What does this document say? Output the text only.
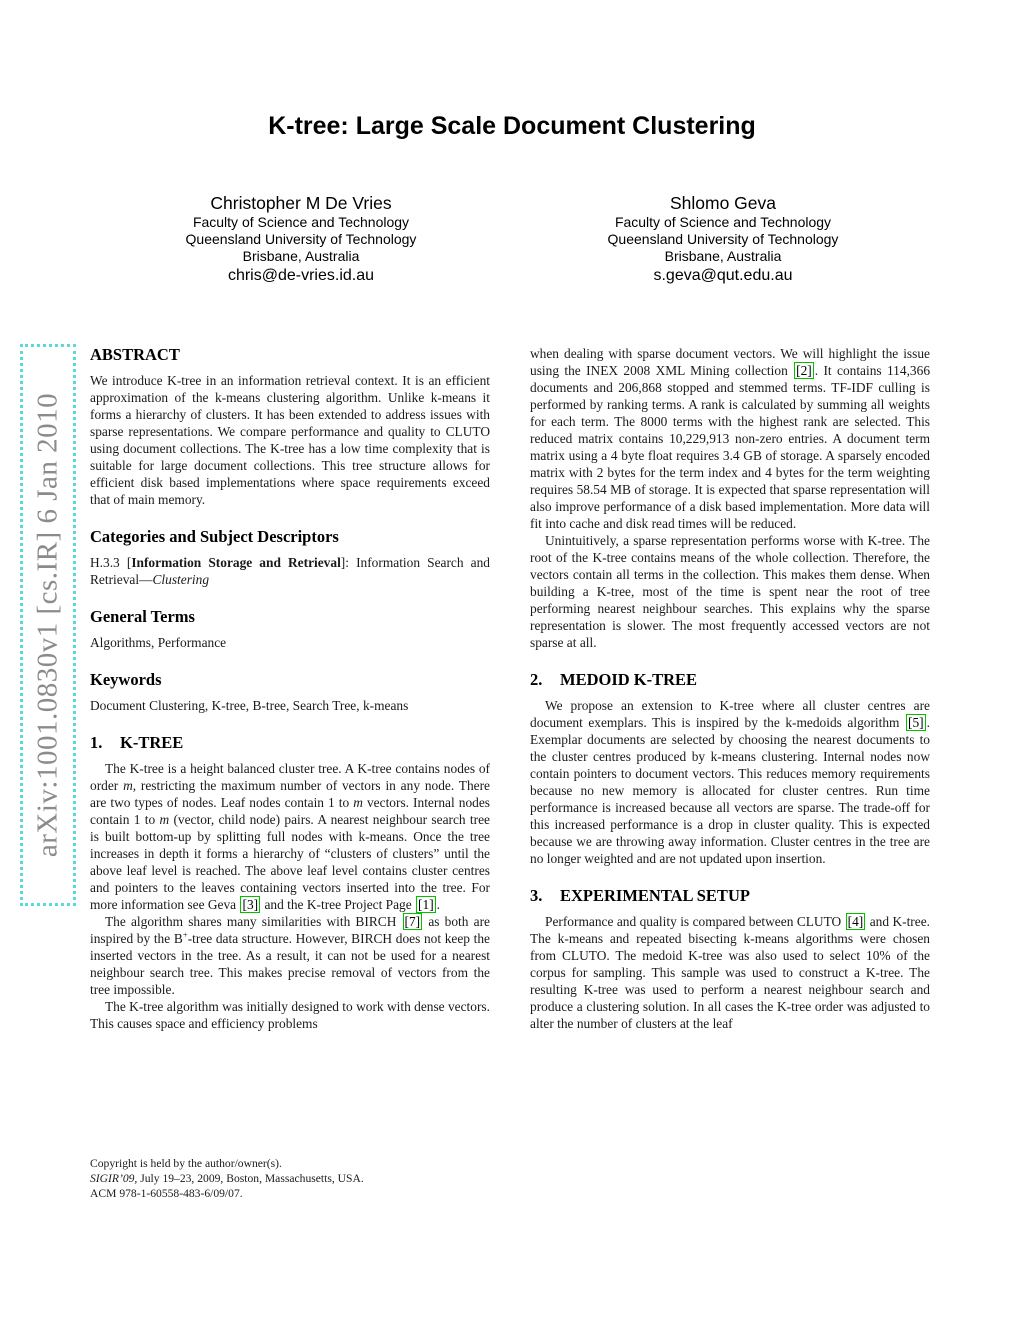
arXiv:1001.0830v1 [cs.IR] 6 Jan 2010
K-tree: Large Scale Document Clustering
Christopher M De Vries
Faculty of Science and Technology
Queensland University of Technology
Brisbane, Australia
chris@de-vries.id.au
Shlomo Geva
Faculty of Science and Technology
Queensland University of Technology
Brisbane, Australia
s.geva@qut.edu.au
ABSTRACT

We introduce K-tree in an information retrieval context. It is an efficient approximation of the k-means clustering algorithm. Unlike k-means it forms a hierarchy of clusters. It has been extended to address issues with sparse representations. We compare performance and quality to CLUTO using document collections. The K-tree has a low time complexity that is suitable for large document collections. This tree structure allows for efficient disk based implementations where space requirements exceed that of main memory.

Categories and Subject Descriptors

H.3.3 [Information Storage and Retrieval]: Information Search and Retrieval—Clustering

General Terms

Algorithms, Performance

Keywords

Document Clustering, K-tree, B-tree, Search Tree, k-means

1. K-TREE

The K-tree is a height balanced cluster tree. A K-tree contains nodes of order m, restricting the maximum number of vectors in any node. There are two types of nodes. Leaf nodes contain 1 to m vectors. Internal nodes contain 1 to m (vector, child node) pairs. A nearest neighbour search tree is built bottom-up by splitting full nodes with k-means. Once the tree increases in depth it forms a hierarchy of “clusters of clusters” until the above leaf level is reached. The above leaf level contains cluster centres and pointers to the leaves containing vectors inserted into the tree. For more information see Geva [3] and the K-tree Project Page [1] .

The algorithm shares many similarities with BIRCH [7] as both are inspired by the B+-tree data structure. However, BIRCH does not keep the inserted vectors in the tree. As a result, it can not be used for a nearest neighbour search tree. This makes precise removal of vectors from the tree impossible.

The K-tree algorithm was initially designed to work with dense vectors. This causes space and efficiency problems

when dealing with sparse document vectors. We will highlight the issue using the INEX 2008 XML Mining collection [2] . It contains 114,366 documents and 206,868 stopped and stemmed terms. TF-IDF culling is performed by ranking terms. A rank is calculated by summing all weights for each term. The 8000 terms with the highest rank are selected. This reduced matrix contains 10,229,913 non-zero entries. A document term matrix using a 4 byte float requires 3.4 GB of storage. A sparsely encoded matrix with 2 bytes for the term index and 4 bytes for the term weighting requires 58.54 MB of storage. It is expected that sparse representation will also improve performance of a disk based implementation. More data will fit into cache and disk read times will be reduced.

Unintuitively, a sparse representation performs worse with K-tree. The root of the K-tree contains means of the whole collection. Therefore, the vectors contain all terms in the collection. This makes them dense. When building a K-tree, most of the time is spent near the root of tree performing nearest neighbour searches. This explains why the sparse representation is slower. The most frequently accessed vectors are not sparse at all.

2. MEDOID K-TREE

We propose an extension to K-tree where all cluster centres are document exemplars. This is inspired by the k-medoids algorithm [5] . Exemplar documents are selected by choosing the nearest documents to the cluster centres produced by k-means clustering. Internal nodes now contain pointers to document vectors. This reduces memory requirements because no new memory is allocated for cluster centres. Run time performance is increased because all vectors are sparse. The trade-off for this increased performance is a drop in cluster quality. This is expected because we are throwing away information. Cluster centres in the tree are no longer weighted and are not updated upon insertion.

3. EXPERIMENTAL SETUP

Performance and quality is compared between CLUTO [4] and K-tree. The k-means and repeated bisecting k-means algorithms were chosen from CLUTO. The medoid K-tree was also used to select 10% of the corpus for sampling. This sample was used to construct a K-tree. The resulting K-tree was used to perform a nearest neighbour search and produce a clustering solution. In all cases the K-tree order was adjusted to alter the number of clusters at the leaf

Copyright is held by the author/owner(s).

SIGIR’09, July 19–23, 2009, Boston, Massachusetts, USA.

ACM 978-1-60558-483-6/09/07.
